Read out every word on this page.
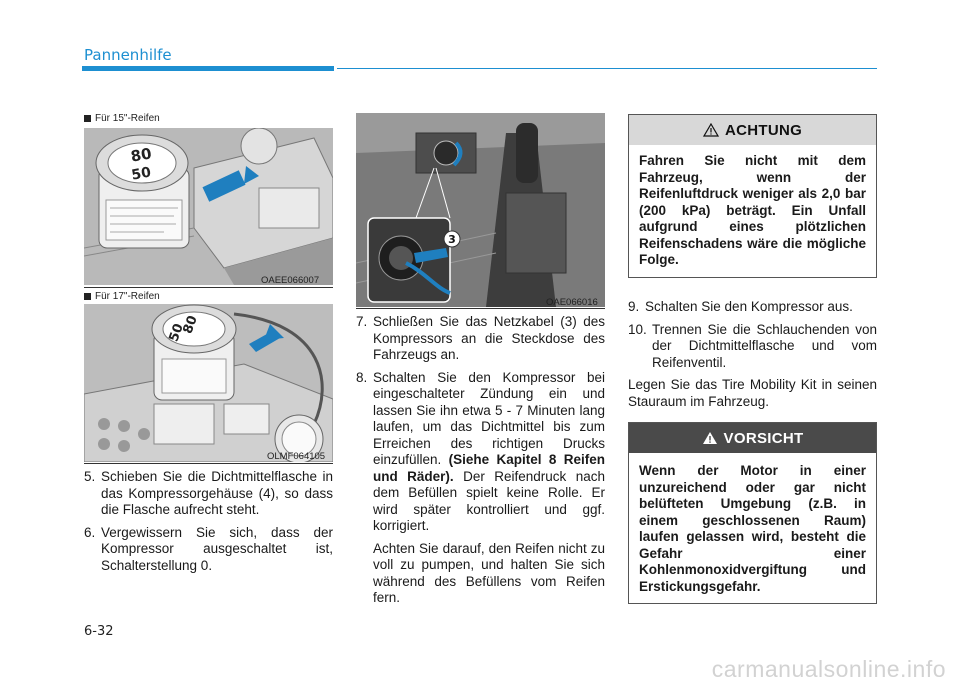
Pannenhilfe
Für 15"-Reifen
80
50
OAEE066007
Für 17"-Reifen
80
50
OLMF064105
5. Schieben Sie die Dichtmittelflasche in das Kompressorgehäuse (4), so dass die Flasche aufrecht steht.
6. Vergewissern Sie sich, dass der Kompressor ausgeschaltet ist, Schalterstellung 0.
3
OAE066016
7. Schließen Sie das Netzkabel (3) des Kompressors an die Steckdose des Fahrzeugs an.
8. Schalten Sie den Kompressor bei eingeschalteter Zündung ein und lassen Sie ihn etwa 5 - 7 Minuten lang laufen, um das Dichtmittel bis zum Erreichen des richtigen Drucks einzufüllen. (Siehe Kapitel 8 Reifen und Räder). Der Reifendruck nach dem Befüllen spielt keine Rolle. Er wird später kontrolliert und ggf. korrigiert.
Achten Sie darauf, den Reifen nicht zu voll zu pumpen, und halten Sie sich während des Befüllens vom Reifen fern.
ACHTUNG
Fahren Sie nicht mit dem Fahrzeug, wenn der Reifenluftdruck weniger als 2,0 bar (200 kPa) beträgt. Ein Unfall aufgrund eines plötzlichen Reifenschadens wäre die mögliche Folge.
9. Schalten Sie den Kompressor aus.
10. Trennen Sie die Schlauchenden von der Dichtmittelflasche und vom Reifenventil.
Legen Sie das Tire Mobility Kit in seinen Stauraum im Fahrzeug.
VORSICHT
Wenn der Motor in einer unzureichend oder gar nicht belüfteten Umgebung (z.B. in einem geschlossenen Raum) laufen gelassen wird, besteht die Gefahr einer Kohlenmonoxidvergiftung und Erstickungsgefahr.
6-32
carmanualsonline.info
